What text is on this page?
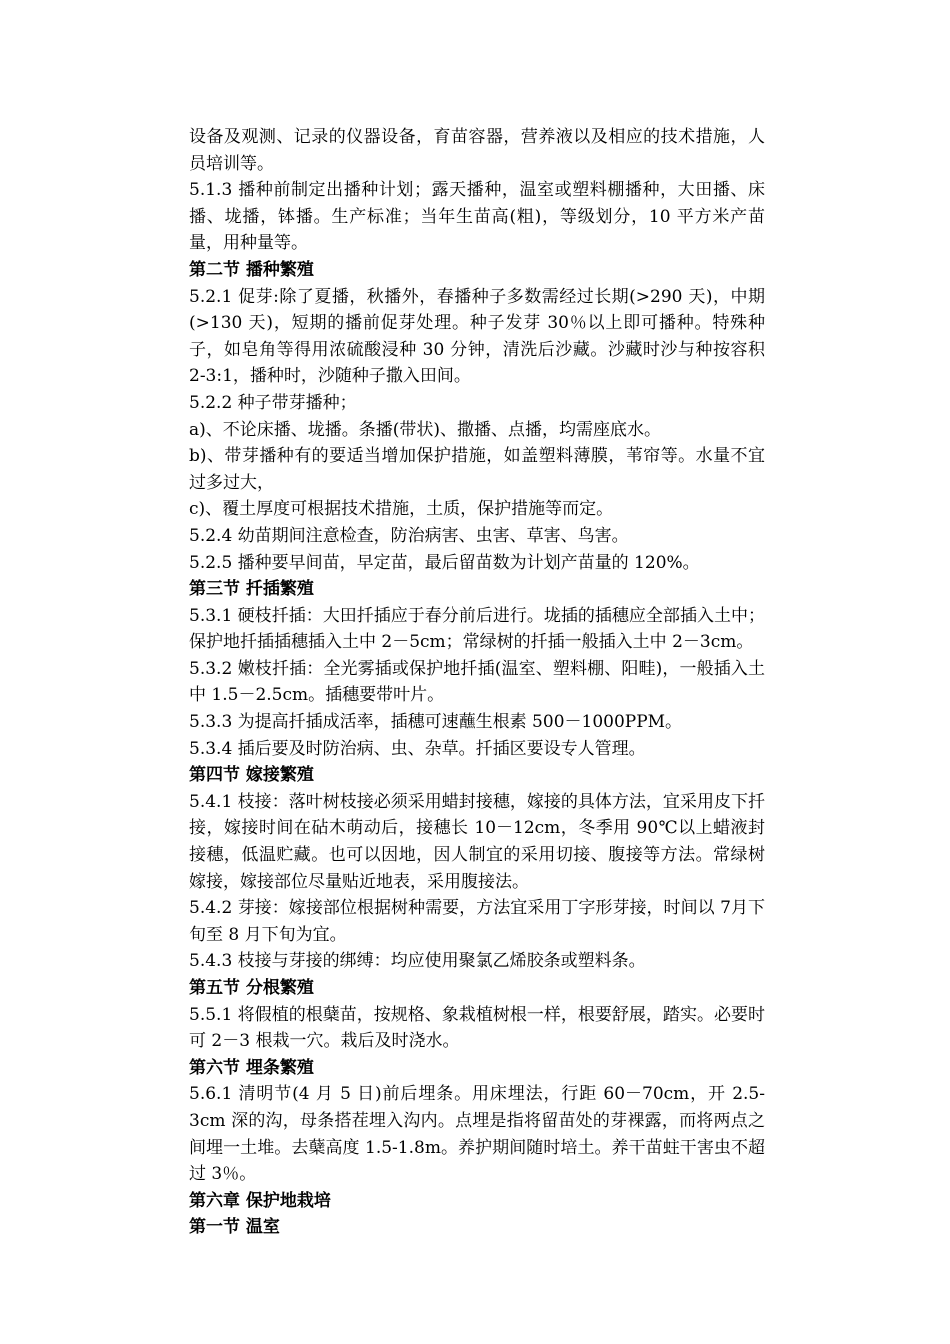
设备及观测、记录的仪器设备，育苗容器，营养液以及相应的技术措施，人员培训等。

5.1.3 播种前制定出播种计划；露天播种，温室或塑料棚播种，大田播、床播、垅播，钵播。生产标准；当年生苗高(粗)，等级划分，10 平方米产苗量，用种量等。

第二节 播种繁殖

5.2.1 促芽:除了夏播，秋播外，春播种子多数需经过长期(>290 天)，中期(>130 天)，短期的播前促芽处理。种子发芽 30％以上即可播种。特殊种子，如皂角等得用浓硫酸浸种 30 分钟，清洗后沙藏。沙藏时沙与种按容积 2-3:1，播种时，沙随种子撒入田间。

5.2.2 种子带芽播种；

a)、不论床播、垅播。条播(带状)、撒播、点播，均需座底水。

b)、带芽播种有的要适当增加保护措施，如盖塑料薄膜，苇帘等。水量不宜过多过大，

c)、覆土厚度可根据技术措施，土质，保护措施等而定。

5.2.4 幼苗期间注意检查，防治病害、虫害、草害、鸟害。

5.2.5 播种要早间苗，早定苗，最后留苗数为计划产苗量的 120%。

第三节 扦插繁殖

5.3.1 硬枝扦插：大田扦插应于春分前后进行。垅插的插穗应全部插入土中；保护地扦插插穗插入土中 2－5cm；常绿树的扦插一般插入土中 2－3cm。

5.3.2 嫩枝扦插：全光雾插或保护地扦插(温室、塑料棚、阳畦)，一般插入土中 1.5－2.5cm。插穗要带叶片。

5.3.3 为提高扦插成活率，插穗可速蘸生根素 500－1000PPM。

5.3.4 插后要及时防治病、虫、杂草。扦插区要设专人管理。

第四节 嫁接繁殖

5.4.1 枝接：落叶树枝接必须采用蜡封接穗，嫁接的具体方法，宜采用皮下扦接，嫁接时间在砧木萌动后，接穗长 10－12cm，冬季用 90℃以上蜡液封接穗，低温贮藏。也可以因地，因人制宜的采用切接、腹接等方法。常绿树嫁接，嫁接部位尽量贴近地表，采用腹接法。

5.4.2 芽接：嫁接部位根据树种需要，方法宜采用丁字形芽接，时间以 7月下旬至 8 月下旬为宜。

5.4.3 枝接与芽接的绑缚：均应使用聚氯乙烯胶条或塑料条。

第五节 分根繁殖

5.5.1 将假植的根蘖苗，按规格、象栽植树根一样，根要舒展，踏实。必要时可 2－3 根栽一穴。栽后及时浇水。

第六节 埋条繁殖

5.6.1 清明节(4 月 5 日)前后埋条。用床埋法，行距 60－70cm，开 2.5-3cm 深的沟，母条搭茬埋入沟内。点埋是指将留苗处的芽裸露，而将两点之间埋一土堆。去蘖高度 1.5-1.8m。养护期间随时培土。养干苗蛀干害虫不超过 3％。

第六章 保护地栽培

第一节 温室
